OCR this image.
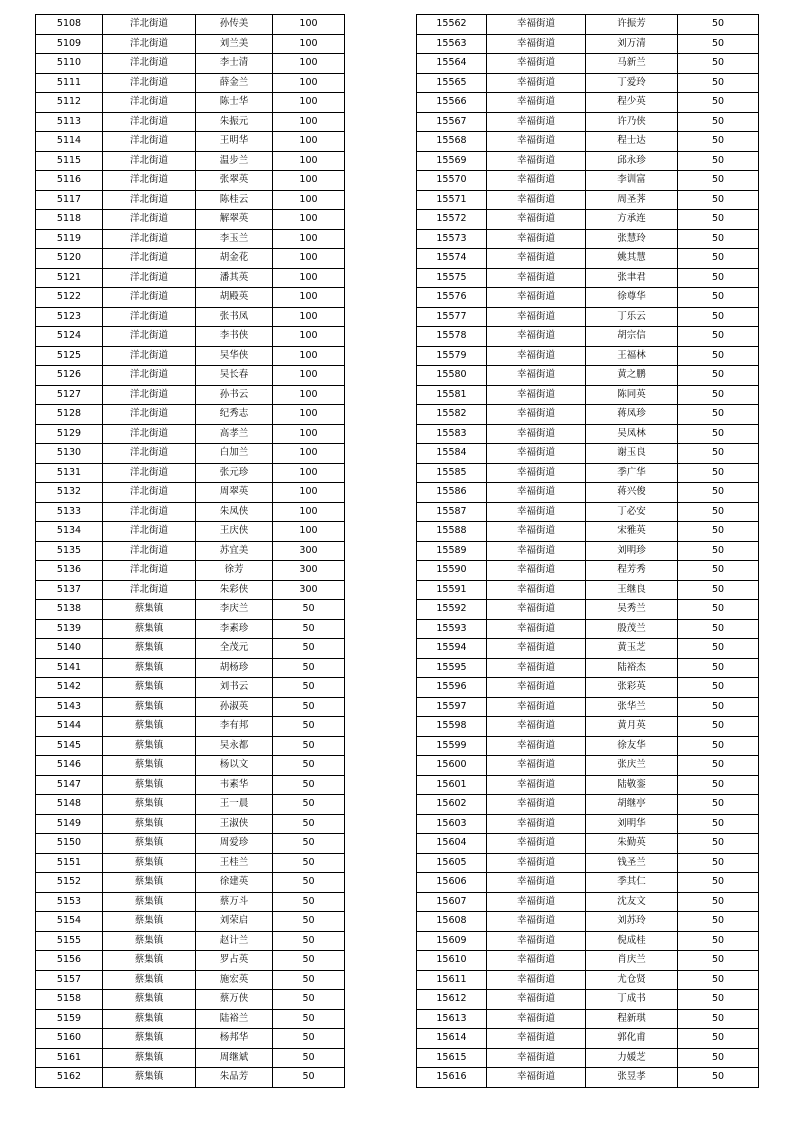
5108	洋北街道	孙传美	100
5109	洋北街道	刘兰美	100
5110	洋北街道	李士清	100
5111	洋北街道	薛金兰	100
5112	洋北街道	陈士华	100
5113	洋北街道	朱振元	100
5114	洋北街道	王明华	100
5115	洋北街道	温步兰	100
5116	洋北街道	张翠英	100
5117	洋北街道	陈桂云	100
5118	洋北街道	解翠英	100
5119	洋北街道	李玉兰	100
5120	洋北街道	胡金花	100
5121	洋北街道	潘其英	100
5122	洋北街道	胡殿英	100
5123	洋北街道	张书凤	100
5124	洋北街道	李书侠	100
5125	洋北街道	吴华侠	100
5126	洋北街道	吴长春	100
5127	洋北街道	孙书云	100
5128	洋北街道	纪秀志	100
5129	洋北街道	高孝兰	100
5130	洋北街道	白加兰	100
5131	洋北街道	张元珍	100
5132	洋北街道	周翠英	100
5133	洋北街道	朱凤侠	100
5134	洋北街道	王庆侠	100
5135	洋北街道	苏宜美	300
5136	洋北街道	徐芳	300
5137	洋北街道	朱彩侠	300
5138	蔡集镇	李庆兰	50
5139	蔡集镇	李素珍	50
5140	蔡集镇	全茂元	50
5141	蔡集镇	胡杨珍	50
5142	蔡集镇	刘书云	50
5143	蔡集镇	孙淑英	50
5144	蔡集镇	李有邦	50
5145	蔡集镇	吴永都	50
5146	蔡集镇	杨以文	50
5147	蔡集镇	韦素华	50
5148	蔡集镇	王一晨	50
5149	蔡集镇	王淑侠	50
5150	蔡集镇	周爱珍	50
5151	蔡集镇	王桂兰	50
5152	蔡集镇	徐建英	50
5153	蔡集镇	蔡万斗	50
5154	蔡集镇	刘荣启	50
5155	蔡集镇	赵计兰	50
5156	蔡集镇	罗占英	50
5157	蔡集镇	施宏英	50
5158	蔡集镇	蔡万侠	50
5159	蔡集镇	陆裕兰	50
5160	蔡集镇	杨邦华	50
5161	蔡集镇	周继斌	50
5162	蔡集镇	朱品芳	50
15562	幸福街道	许振芳	50
15563	幸福街道	刘万清	50
15564	幸福街道	马新兰	50
15565	幸福街道	丁爱玲	50
15566	幸福街道	程少英	50
15567	幸福街道	许乃侠	50
15568	幸福街道	程士达	50
15569	幸福街道	邱永珍	50
15570	幸福街道	李训富	50
15571	幸福街道	周圣荠	50
15572	幸福街道	方承连	50
15573	幸福街道	张慧玲	50
15574	幸福街道	姚其慧	50
15575	幸福街道	张聿君	50
15576	幸福街道	徐尊华	50
15577	幸福街道	丁乐云	50
15578	幸福街道	胡宗信	50
15579	幸福街道	王福林	50
15580	幸福街道	黄之鹏	50
15581	幸福街道	陈同英	50
15582	幸福街道	蒋凤珍	50
15583	幸福街道	吴凤林	50
15584	幸福街道	谢玉良	50
15585	幸福街道	季广华	50
15586	幸福街道	蒋兴俊	50
15587	幸福街道	丁必安	50
15588	幸福街道	宋雅英	50
15589	幸福街道	刘明珍	50
15590	幸福街道	程芳秀	50
15591	幸福街道	王继良	50
15592	幸福街道	吴秀兰	50
15593	幸福街道	殷茂兰	50
15594	幸福街道	黄玉芝	50
15595	幸福街道	陆裕杰	50
15596	幸福街道	张彩英	50
15597	幸福街道	张华兰	50
15598	幸福街道	黄月英	50
15599	幸福街道	徐友华	50
15600	幸福街道	张庆兰	50
15601	幸福街道	陆敬銮	50
15602	幸福街道	胡继亭	50
15603	幸福街道	刘明华	50
15604	幸福街道	朱勤英	50
15605	幸福街道	钱圣兰	50
15606	幸福街道	季其仁	50
15607	幸福街道	沈友文	50
15608	幸福街道	刘苏玲	50
15609	幸福街道	倪成桂	50
15610	幸福街道	肖庆兰	50
15611	幸福街道	尤仓贤	50
15612	幸福街道	丁成书	50
15613	幸福街道	程新琪	50
15614	幸福街道	郭化甫	50
15615	幸福街道	力媛芝	50
15616	幸福街道	张昱孝	50
